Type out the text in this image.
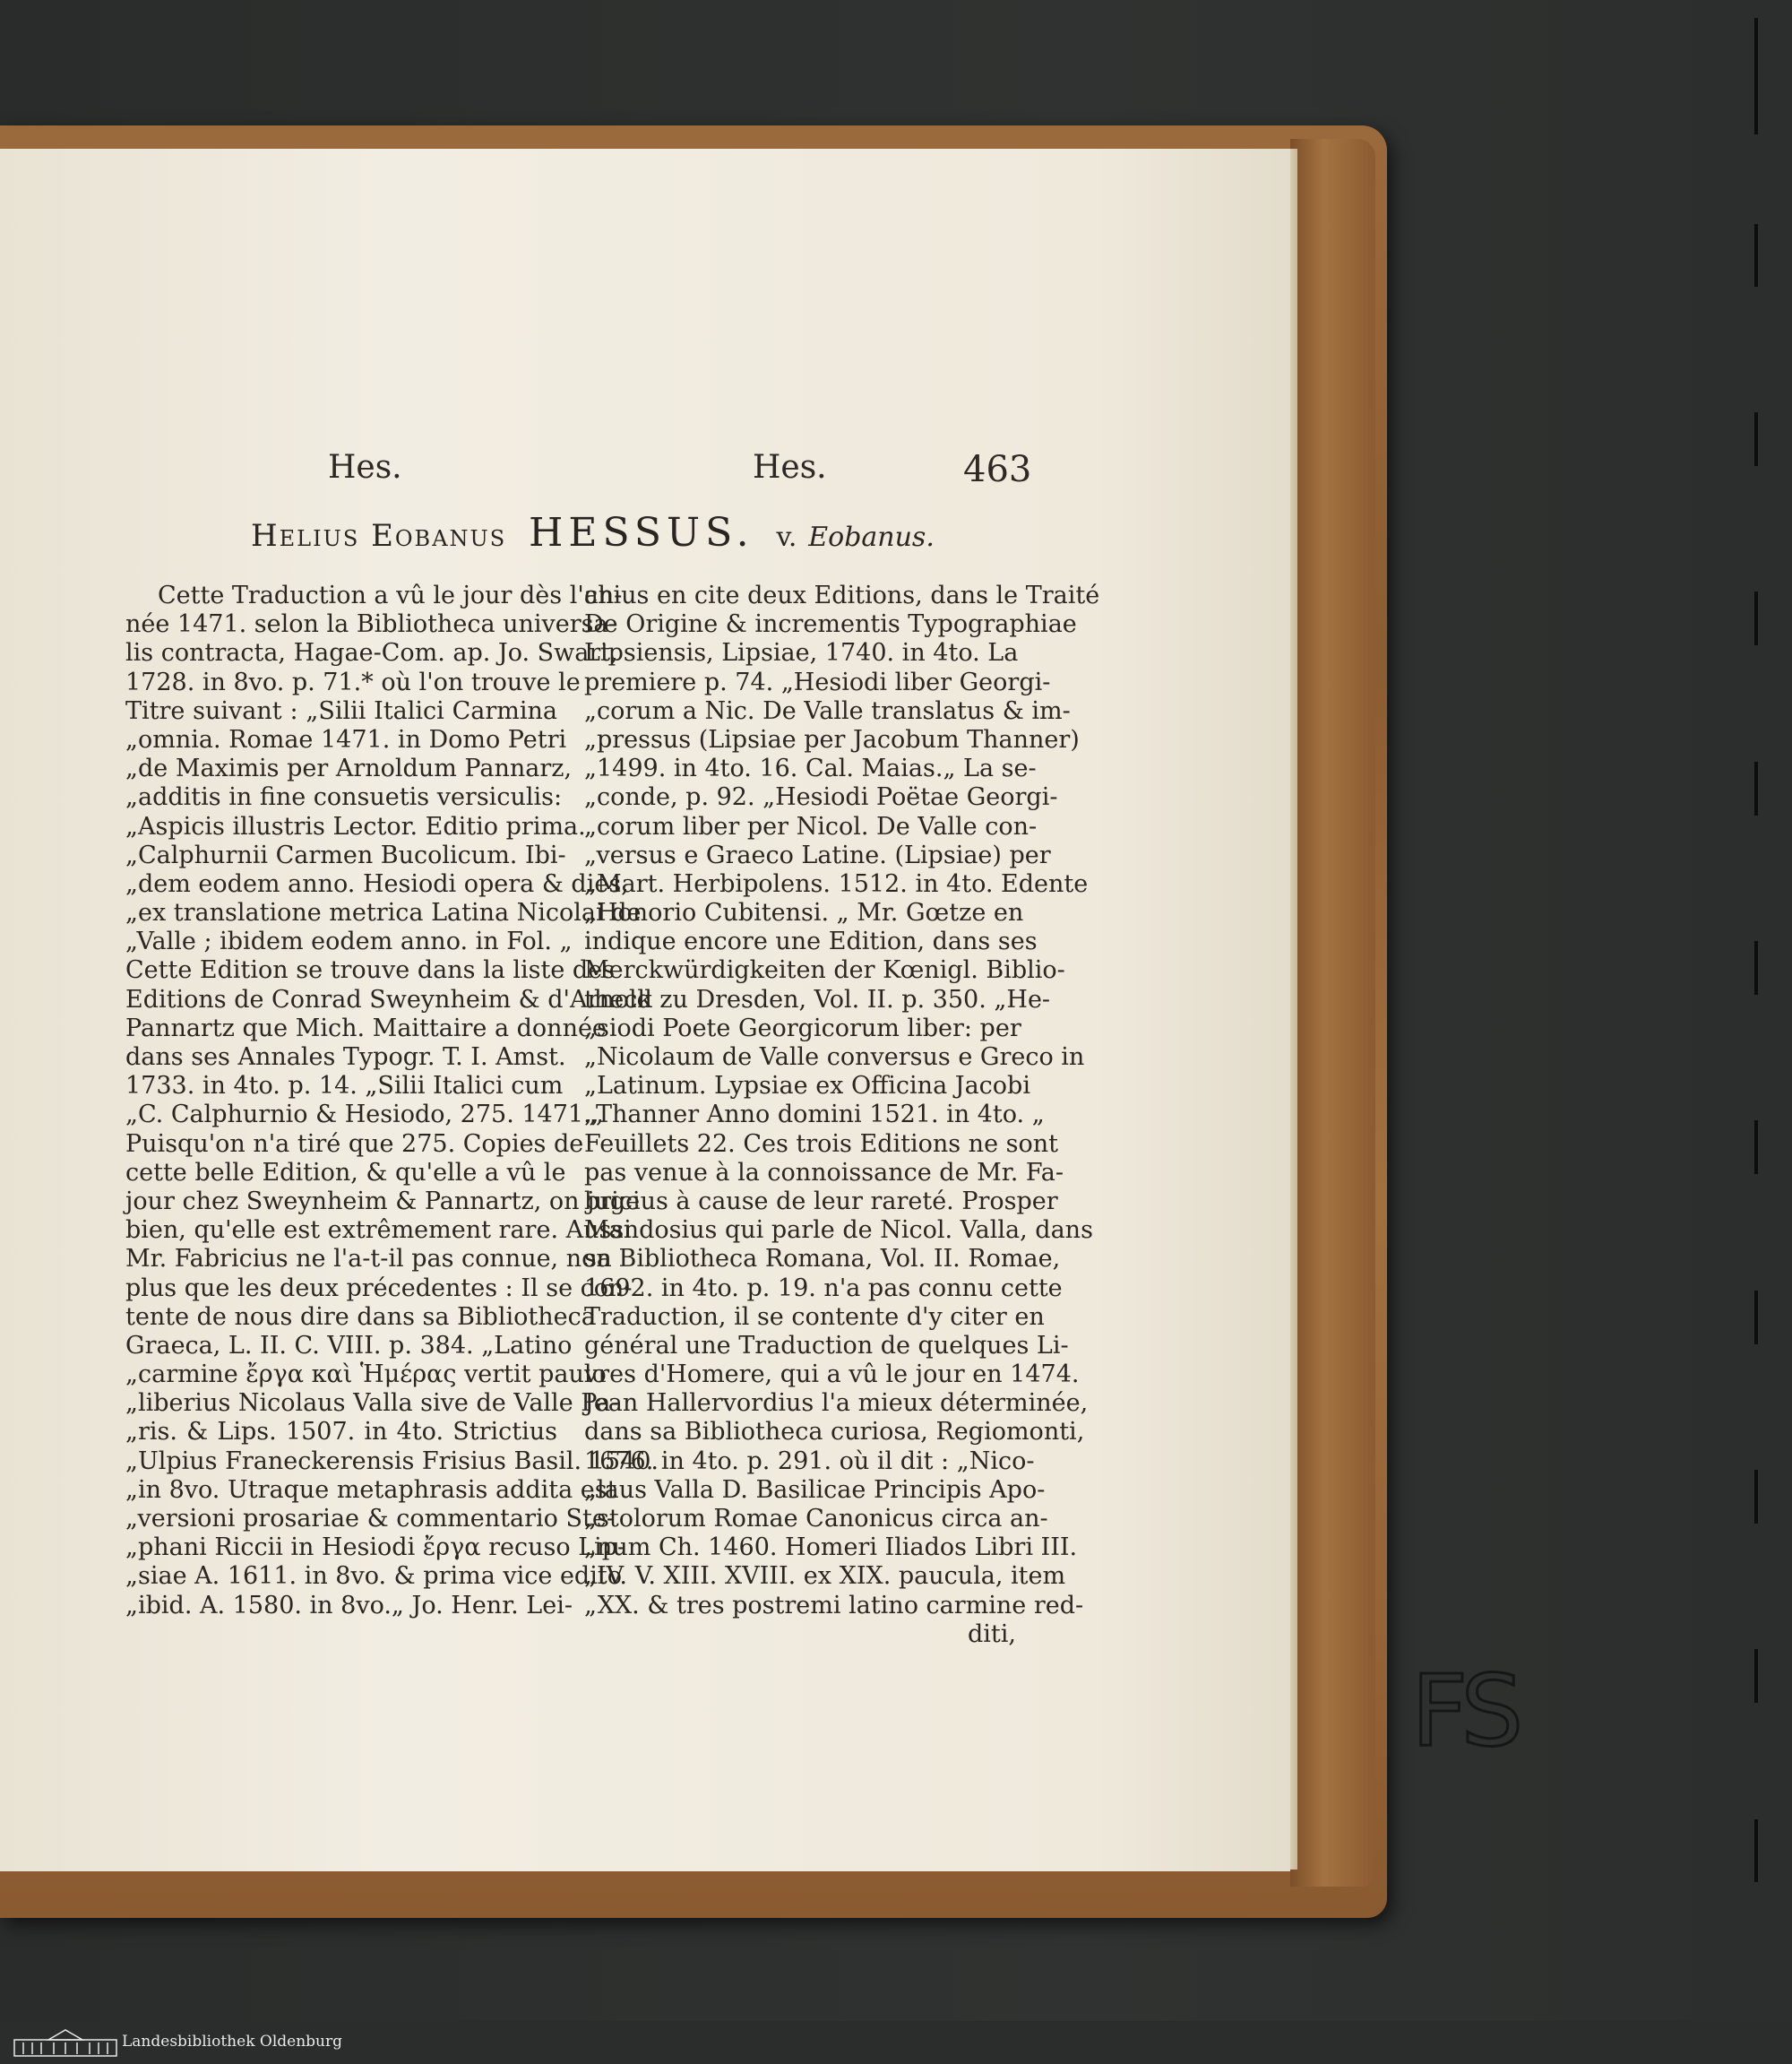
FS
Hes.	Hes.	463
Helius Eobanus HESSUS. v. Eobanus.
Cette Traduction a vû le jour dès l'an-
née 1471. selon la Bibliotheca universa-
lis contracta, Hagae-Com. ap. Jo. Swart,
1728. in 8vo. p. 71.* où l'on trouve le
Titre suivant : „Silii Italici Carmina
„omnia. Romae 1471. in Domo Petri
„de Maximis per Arnoldum Pannarz,
„additis in fine consuetis versiculis:
„Aspicis illustris Lector. Editio prima.
„Calphurnii Carmen Bucolicum. Ibi-
„dem eodem anno. Hesiodi opera & dies,
„ex translatione metrica Latina Nicolai de
„Valle ; ibidem eodem anno. in Fol. „
Cette Edition se trouve dans la liste des
Editions de Conrad Sweynheim & d'Arnold
Pannartz que Mich. Maittaire a donnée
dans ses Annales Typogr. T. I. Amst.
1733. in 4to. p. 14. „Silii Italici cum
„C. Calphurnio & Hesiodo, 275. 1471.„
Puisqu'on n'a tiré que 275. Copies de
cette belle Edition, & qu'elle a vû le
jour chez Sweynheim & Pannartz, on juge
bien, qu'elle est extrêmement rare. Aussi
Mr. Fabricius ne l'a-t-il pas connue, non
plus que les deux précedentes : Il se con-
tente de nous dire dans sa Bibliotheca
Graeca, L. II. C. VIII. p. 384. „Latino
„carmine ἔργα καὶ Ἡμέρας vertit paulo
„liberius Nicolaus Valla sive de Valle Pa-
„ris. & Lips. 1507. in 4to. Strictius
„Ulpius Franeckerensis Frisius Basil. 1540.
„in 8vo. Utraque metaphrasis addita est
„versioni prosariae & commentario Ste-
„phani Riccii in Hesiodi ἔργα recuso Lip-
„siae A. 1611. in 8vo. & prima vice edito
„ibid. A. 1580. in 8vo.„ Jo. Henr. Lei-
chius en cite deux Editions, dans le Traité
De Origine & incrementis Typographiae
Lipsiensis, Lipsiae, 1740. in 4to. La
premiere p. 74. „Hesiodi liber Georgi-
„corum a Nic. De Valle translatus & im-
„pressus (Lipsiae per Jacobum Thanner)
„1499. in 4to. 16. Cal. Maias.„ La se-
„conde, p. 92. „Hesiodi Poëtae Georgi-
„corum liber per Nicol. De Valle con-
„versus e Graeco Latine. (Lipsiae) per
„Mart. Herbipolens. 1512. in 4to. Edente
„Honorio Cubitensi. „ Mr. Gœtze en
indique encore une Edition, dans ses
Merckwürdigkeiten der Kœnigl. Biblio-
theck zu Dresden, Vol. II. p. 350. „He-
„siodi Poete Georgicorum liber: per
„Nicolaum de Valle conversus e Greco in
„Latinum. Lypsiae ex Officina Jacobi
„Thanner Anno domini 1521. in 4to. „
Feuillets 22. Ces trois Editions ne sont
pas venue à la connoissance de Mr. Fa-
bricius à cause de leur rareté. Prosper
Mandosius qui parle de Nicol. Valla, dans
sa Bibliotheca Romana, Vol. II. Romae,
1692. in 4to. p. 19. n'a pas connu cette
Traduction, il se contente d'y citer en
général une Traduction de quelques Li-
vres d'Homere, qui a vû le jour en 1474.
Jean Hallervordius l'a mieux déterminée,
dans sa Bibliotheca curiosa, Regiomonti,
1676. in 4to. p. 291. où il dit : „Nico-
„laus Valla D. Basilicae Principis Apo-
„stolorum Romae Canonicus circa an-
„num Ch. 1460. Homeri Iliados Libri III.
„IV. V. XIII. XVIII. ex XIX. paucula, item
„XX. & tres postremi latino carmine red-
diti,
Landesbibliothek Oldenburg
